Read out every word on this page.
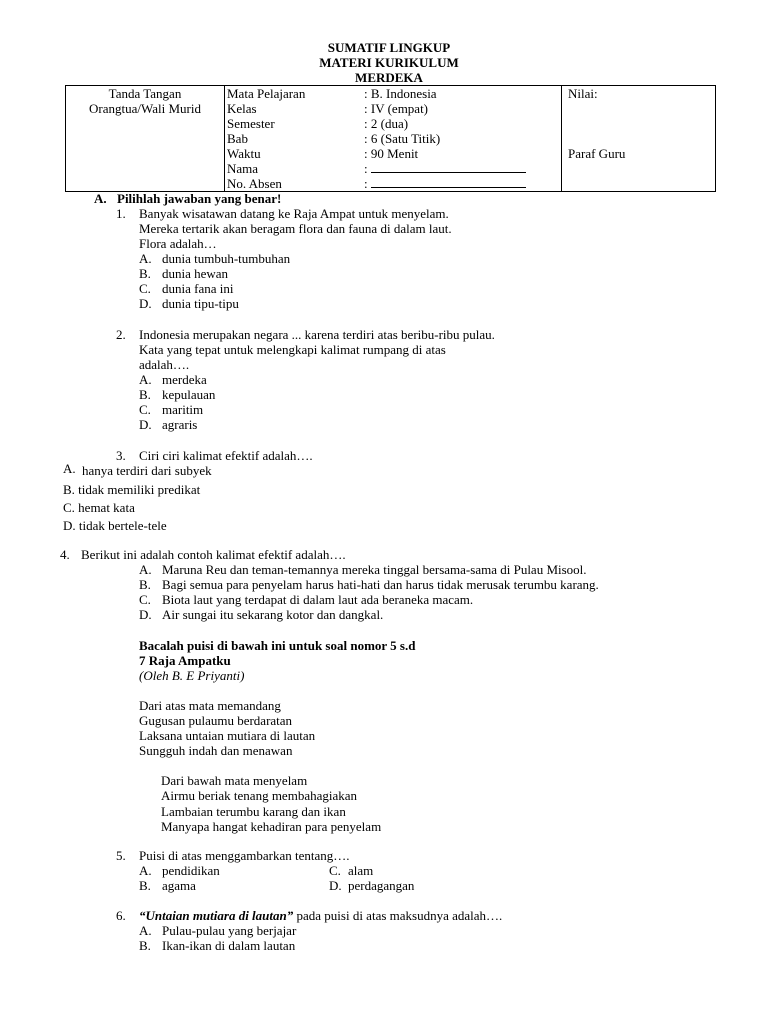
SUMATIF LINGKUP
MATERI KURIKULUM
MERDEKA
Tanda Tangan
Orangtua/Wali Murid

Mata Pelajaran	: B. Indonesia
Kelas	: IV (empat)
Semester	: 2 (dua)
Bab	: 6 (Satu Titik)
Waktu	: 90 Menit
Nama	:

No. Absen	:

Nilai:
Paraf Guru
A. Pilihlah jawaban yang benar!
1. Banyak wisatawan datang ke Raja Ampat untuk menyelam.
Mereka tertarik akan beragam flora dan fauna di dalam laut.
Flora adalah…
A. dunia tumbuh-tumbuhan
B. dunia hewan
C. dunia fana ini
D. dunia tipu-tipu
2. Indonesia merupakan negara ... karena terdiri atas beribu-ribu pulau.
Kata yang tepat untuk melengkapi kalimat rumpang di atas
adalah….
A. merdeka
B. kepulauan
C. maritim
D. agraris
3. Ciri ciri kalimat efektif adalah….
A. hanya terdiri dari subyek
B. tidak memiliki predikat
C. hemat kata
D. tidak bertele-tele
4. Berikut ini adalah contoh kalimat efektif adalah….
A. Maruna Reu dan teman-temannya mereka tinggal bersama-sama di Pulau Misool.
B. Bagi semua para penyelam harus hati-hati dan harus tidak merusak terumbu karang.
C. Biota laut yang terdapat di dalam laut ada beraneka macam.
D. Air sungai itu sekarang kotor dan dangkal.
Bacalah puisi di bawah ini untuk soal nomor 5 s.d
7 Raja Ampatku
(Oleh B. E Priyanti)
Dari atas mata memandang
Gugusan pulaumu berdaratan
Laksana untaian mutiara di lautan
Sungguh indah dan menawan
Dari bawah mata menyelam
Airmu beriak tenang membahagiakan
Lambaian terumbu karang dan ikan
Manyapa hangat kehadiran para penyelam
5. Puisi di atas menggambarkan tentang….
A. pendidikan	C. alam
B. agama	D. perdagangan
6. “Untaian mutiara di lautan” pada puisi di atas maksudnya adalah….
A. Pulau-pulau yang berjajar
B. Ikan-ikan di dalam lautan
